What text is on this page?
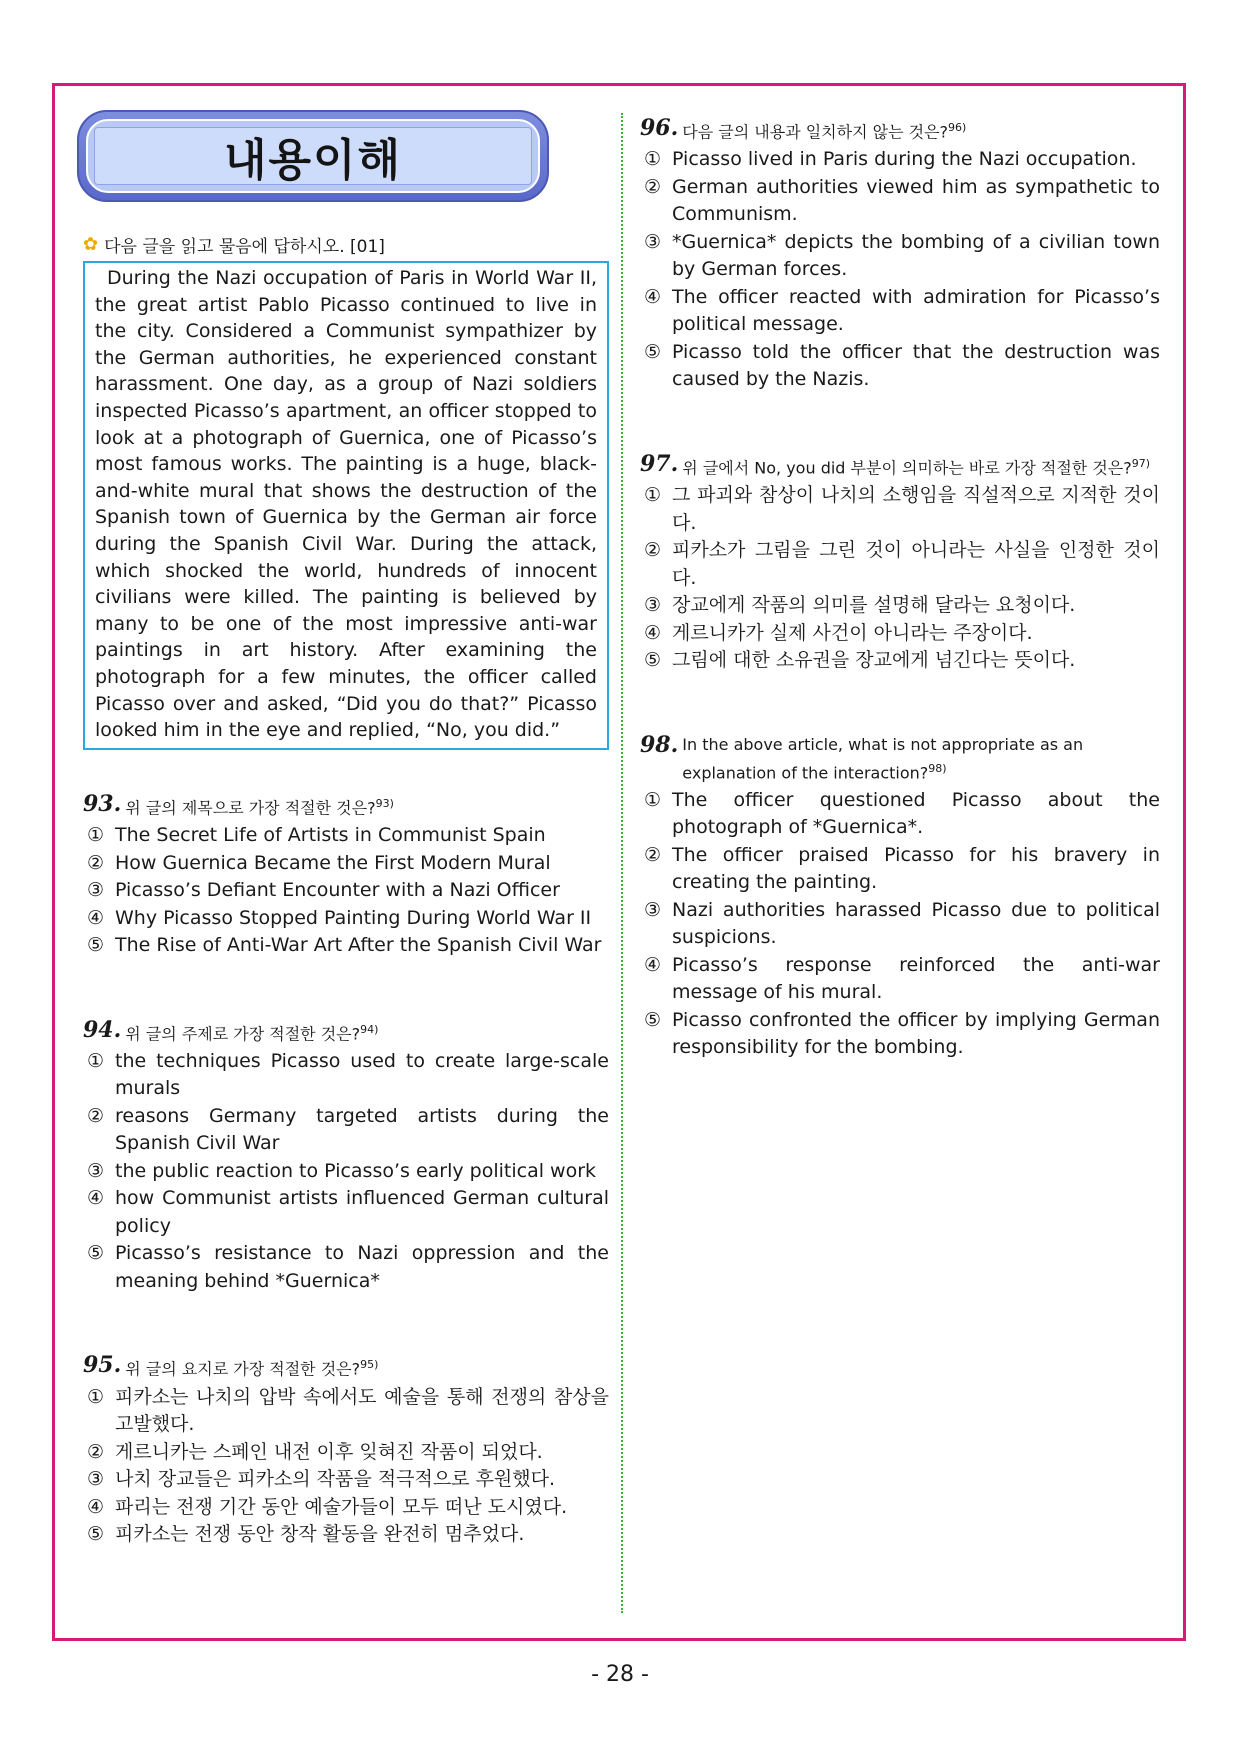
내용이해
✿ 다음 글을 읽고 물음에 답하시오. [01]
During the Nazi occupation of Paris in World War II, the great artist Pablo Picasso continued to live in the city. Considered a Communist sympathizer by the German authorities, he experienced constant harassment. One day, as a group of Nazi soldiers inspected Picasso’s apartment, an officer stopped to look at a photograph of Guernica, one of Picasso’s most famous works. The painting is a huge, black-and-white mural that shows the destruction of the Spanish town of Guernica by the German air force during the Spanish Civil War. During the attack, which shocked the world, hundreds of innocent civilians were killed. The painting is believed by many to be one of the most impressive anti-war paintings in art history. After examining the photograph for a few minutes, the officer called Picasso over and asked, “Did you do that?” Picasso looked him in the eye and replied, “No, you did.”
93. 위 글의 제목으로 가장 적절한 것은?$^{93)}$
① The Secret Life of Artists in Communist Spain
② How Guernica Became the First Modern Mural
③ Picasso’s Defiant Encounter with a Nazi Officer
④ Why Picasso Stopped Painting During World War II
⑤ The Rise of Anti-War Art After the Spanish Civil War
94. 위 글의 주제로 가장 적절한 것은?$^{94)}$
① the techniques Picasso used to create large-scale murals
② reasons Germany targeted artists during the Spanish Civil War
③ the public reaction to Picasso’s early political work
④ how Communist artists influenced German cultural policy
⑤ Picasso’s resistance to Nazi oppression and the meaning behind *Guernica*
95. 위 글의 요지로 가장 적절한 것은?$^{95)}$
① 피카소는 나치의 압박 속에서도 예술을 통해 전쟁의 참상을 고발했다.
② 게르니카는 스페인 내전 이후 잊혀진 작품이 되었다.
③ 나치 장교들은 피카소의 작품을 적극적으로 후원했다.
④ 파리는 전쟁 기간 동안 예술가들이 모두 떠난 도시였다.
⑤ 피카소는 전쟁 동안 창작 활동을 완전히 멈추었다.
96. 다음 글의 내용과 일치하지 않는 것은?$^{96)}$
① Picasso lived in Paris during the Nazi occupation.
② German authorities viewed him as sympathetic to Communism.
③ *Guernica* depicts the bombing of a civilian town by German forces.
④ The officer reacted with admiration for Picasso’s political message.
⑤ Picasso told the officer that the destruction was caused by the Nazis.
97. 위 글에서 No, you did 부분이 의미하는 바로 가장 적절한 것은?$^{97)}$
① 그 파괴와 참상이 나치의 소행임을 직설적으로 지적한 것이다.
② 피카소가 그림을 그린 것이 아니라는 사실을 인정한 것이다.
③ 장교에게 작품의 의미를 설명해 달라는 요청이다.
④ 게르니카가 실제 사건이 아니라는 주장이다.
⑤ 그림에 대한 소유권을 장교에게 넘긴다는 뜻이다.
98. In the above article, what is not appropriate as an explanation of the interaction?$^{98)}$
① The officer questioned Picasso about the photograph of *Guernica*.
② The officer praised Picasso for his bravery in creating the painting.
③ Nazi authorities harassed Picasso due to political suspicions.
④ Picasso’s response reinforced the anti-war message of his mural.
⑤ Picasso confronted the officer by implying German responsibility for the bombing.
- 28 -
